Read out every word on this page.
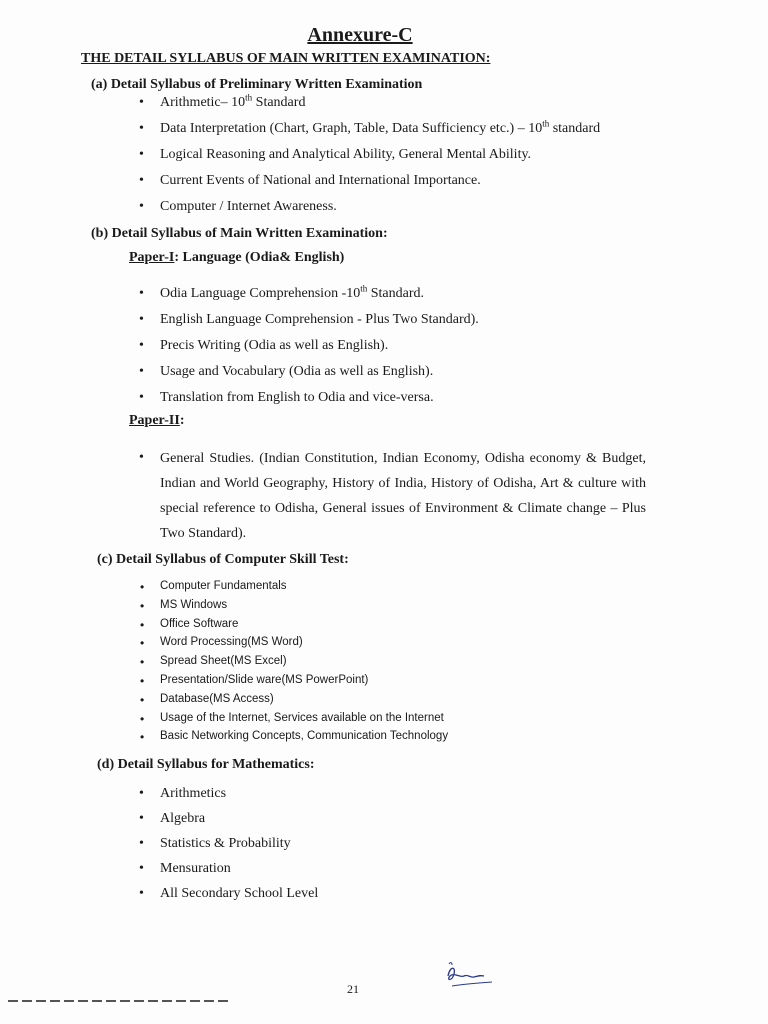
Annexure-C
THE DETAIL SYLLABUS OF MAIN WRITTEN EXAMINATION:
(a) Detail Syllabus of Preliminary Written Examination
• Arithmetic– 10th Standard
• Data Interpretation (Chart, Graph, Table, Data Sufficiency etc.) – 10th standard
• Logical Reasoning and Analytical Ability, General Mental Ability.
• Current Events of National and International Importance.
• Computer / Internet Awareness.
(b) Detail Syllabus of Main Written Examination:
Paper-I: Language (Odia& English)
• Odia Language Comprehension -10th Standard.
• English Language Comprehension - Plus Two Standard).
• Precis Writing (Odia as well as English).
• Usage and Vocabulary (Odia as well as English).
• Translation from English to Odia and vice-versa.
Paper-II:
• General Studies. (Indian Constitution, Indian Economy, Odisha economy & Budget, Indian and World Geography, History of India, History of Odisha, Art & culture with special reference to Odisha, General issues of Environment & Climate change – Plus Two Standard).
(c) Detail Syllabus of Computer Skill Test:
• Computer Fundamentals
• MS Windows
• Office Software
• Word Processing(MS Word)
• Spread Sheet(MS Excel)
• Presentation/Slide ware(MS PowerPoint)
• Database(MS Access)
• Usage of the Internet, Services available on the Internet
• Basic Networking Concepts, Communication Technology
(d) Detail Syllabus for Mathematics:
• Arithmetics
• Algebra
• Statistics & Probability
• Mensuration
• All Secondary School Level
21
